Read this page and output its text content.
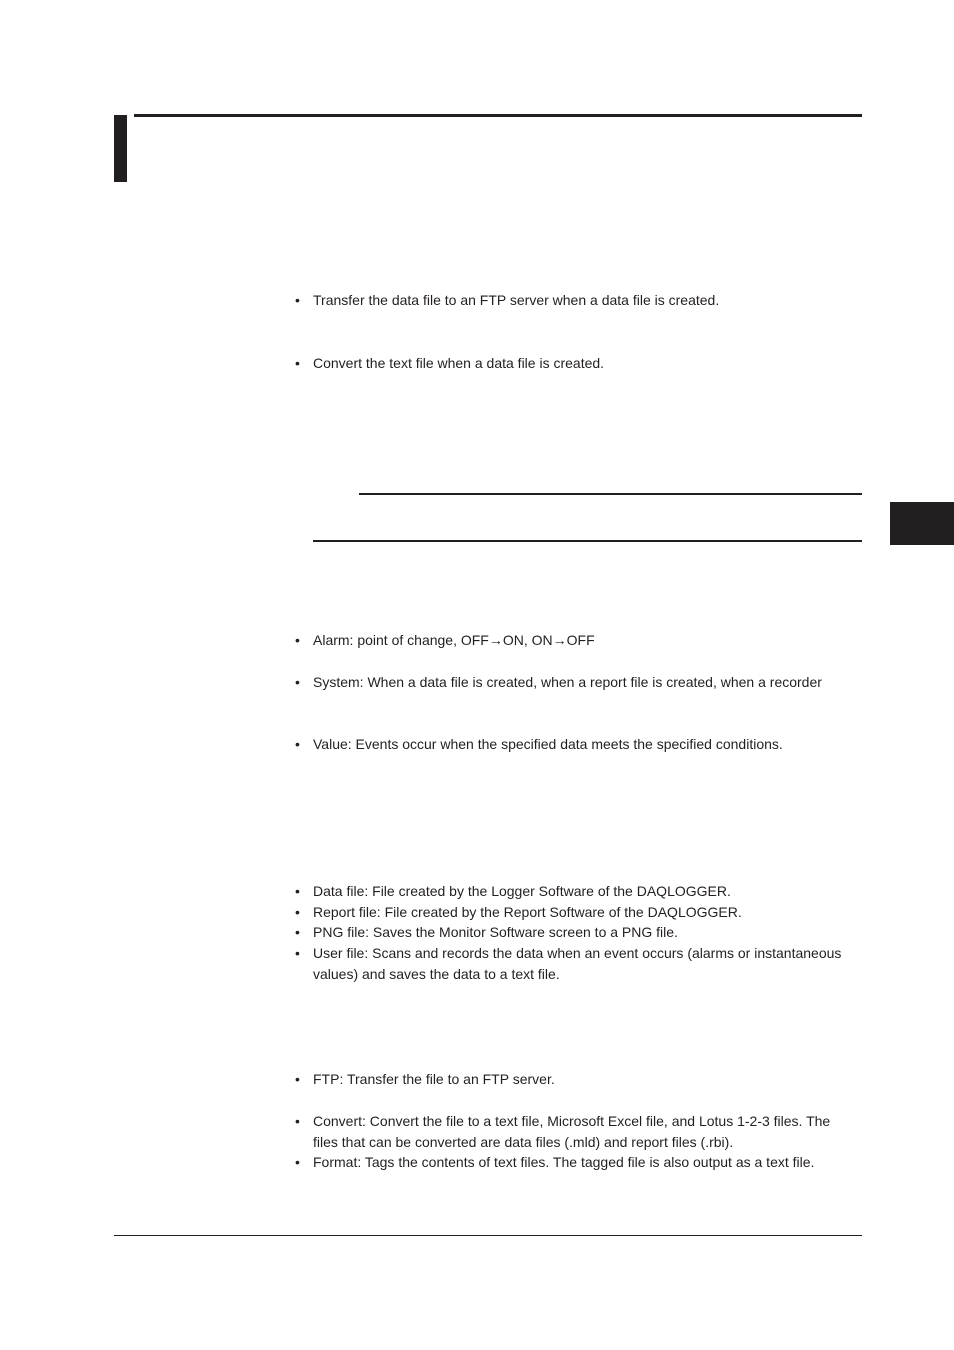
• Transfer the data file to an FTP server when a data file is created.
• Convert the text file when a data file is created.
• Alarm: point of change, OFF→ON, ON→OFF
• System: When a data file is created, when a report file is created, when a recorder
• Value: Events occur when the specified data meets the specified conditions.
• Data file: File created by the Logger Software of the DAQLOGGER.
• Report file: File created by the Report Software of the DAQLOGGER.
• PNG file: Saves the Monitor Software screen to a PNG file.
• User file: Scans and records the data when an event occurs (alarms or instantaneous values) and saves the data to a text file.
• FTP: Transfer the file to an FTP server.
• Convert: Convert the file to a text file, Microsoft Excel file, and Lotus 1-2-3 files. The files that can be converted are data files (.mld) and report files (.rbi).
• Format: Tags the contents of text files. The tagged file is also output as a text file.
